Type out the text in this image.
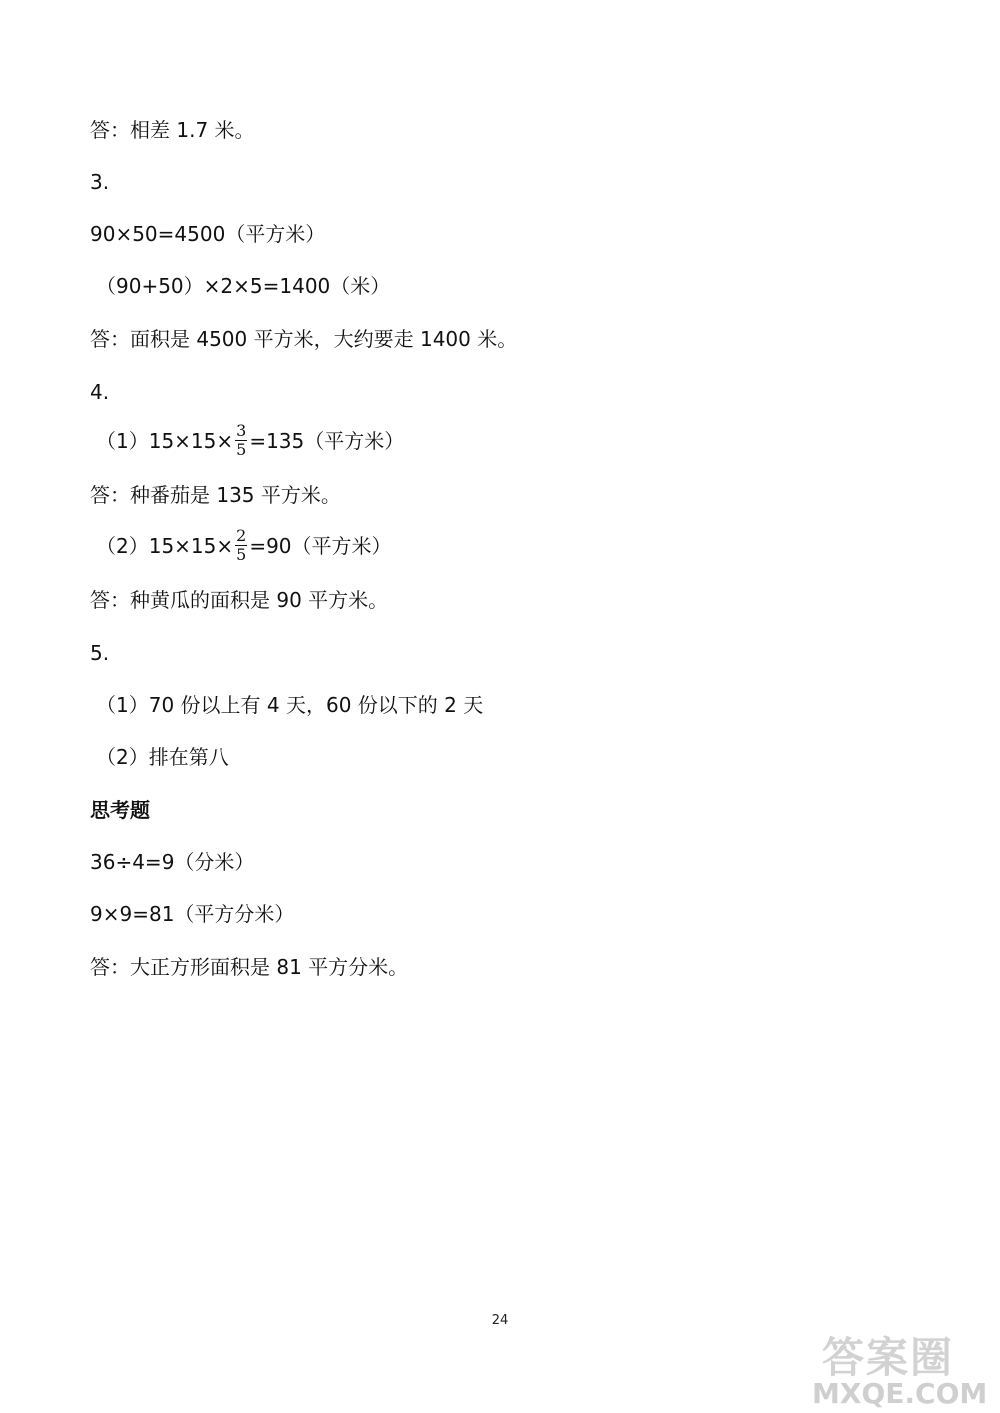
答：相差 1.7 米。
3.
90×50=4500（平方米）
（90+50）×2×5=1400（米）
答：面积是 4500 平方米，大约要走 1400 米。
4.
$(1)15\times 15\times \frac{3}{5} =135$（平方米）
答：种番茄是 135 平方米。
$(2)15\times 15\times \frac{2}{5} =90$（平方米）
答：种黄瓜的面积是 90 平方米。
5.
（1）70 份以上有 4 天，60 份以下的 2 天
（2）排在第八
思考题
36÷4=9（分米）
9×9=81（平方分米）
答：大正方形面积是 81 平方分米。
24
答案圈
MXQE.COM
